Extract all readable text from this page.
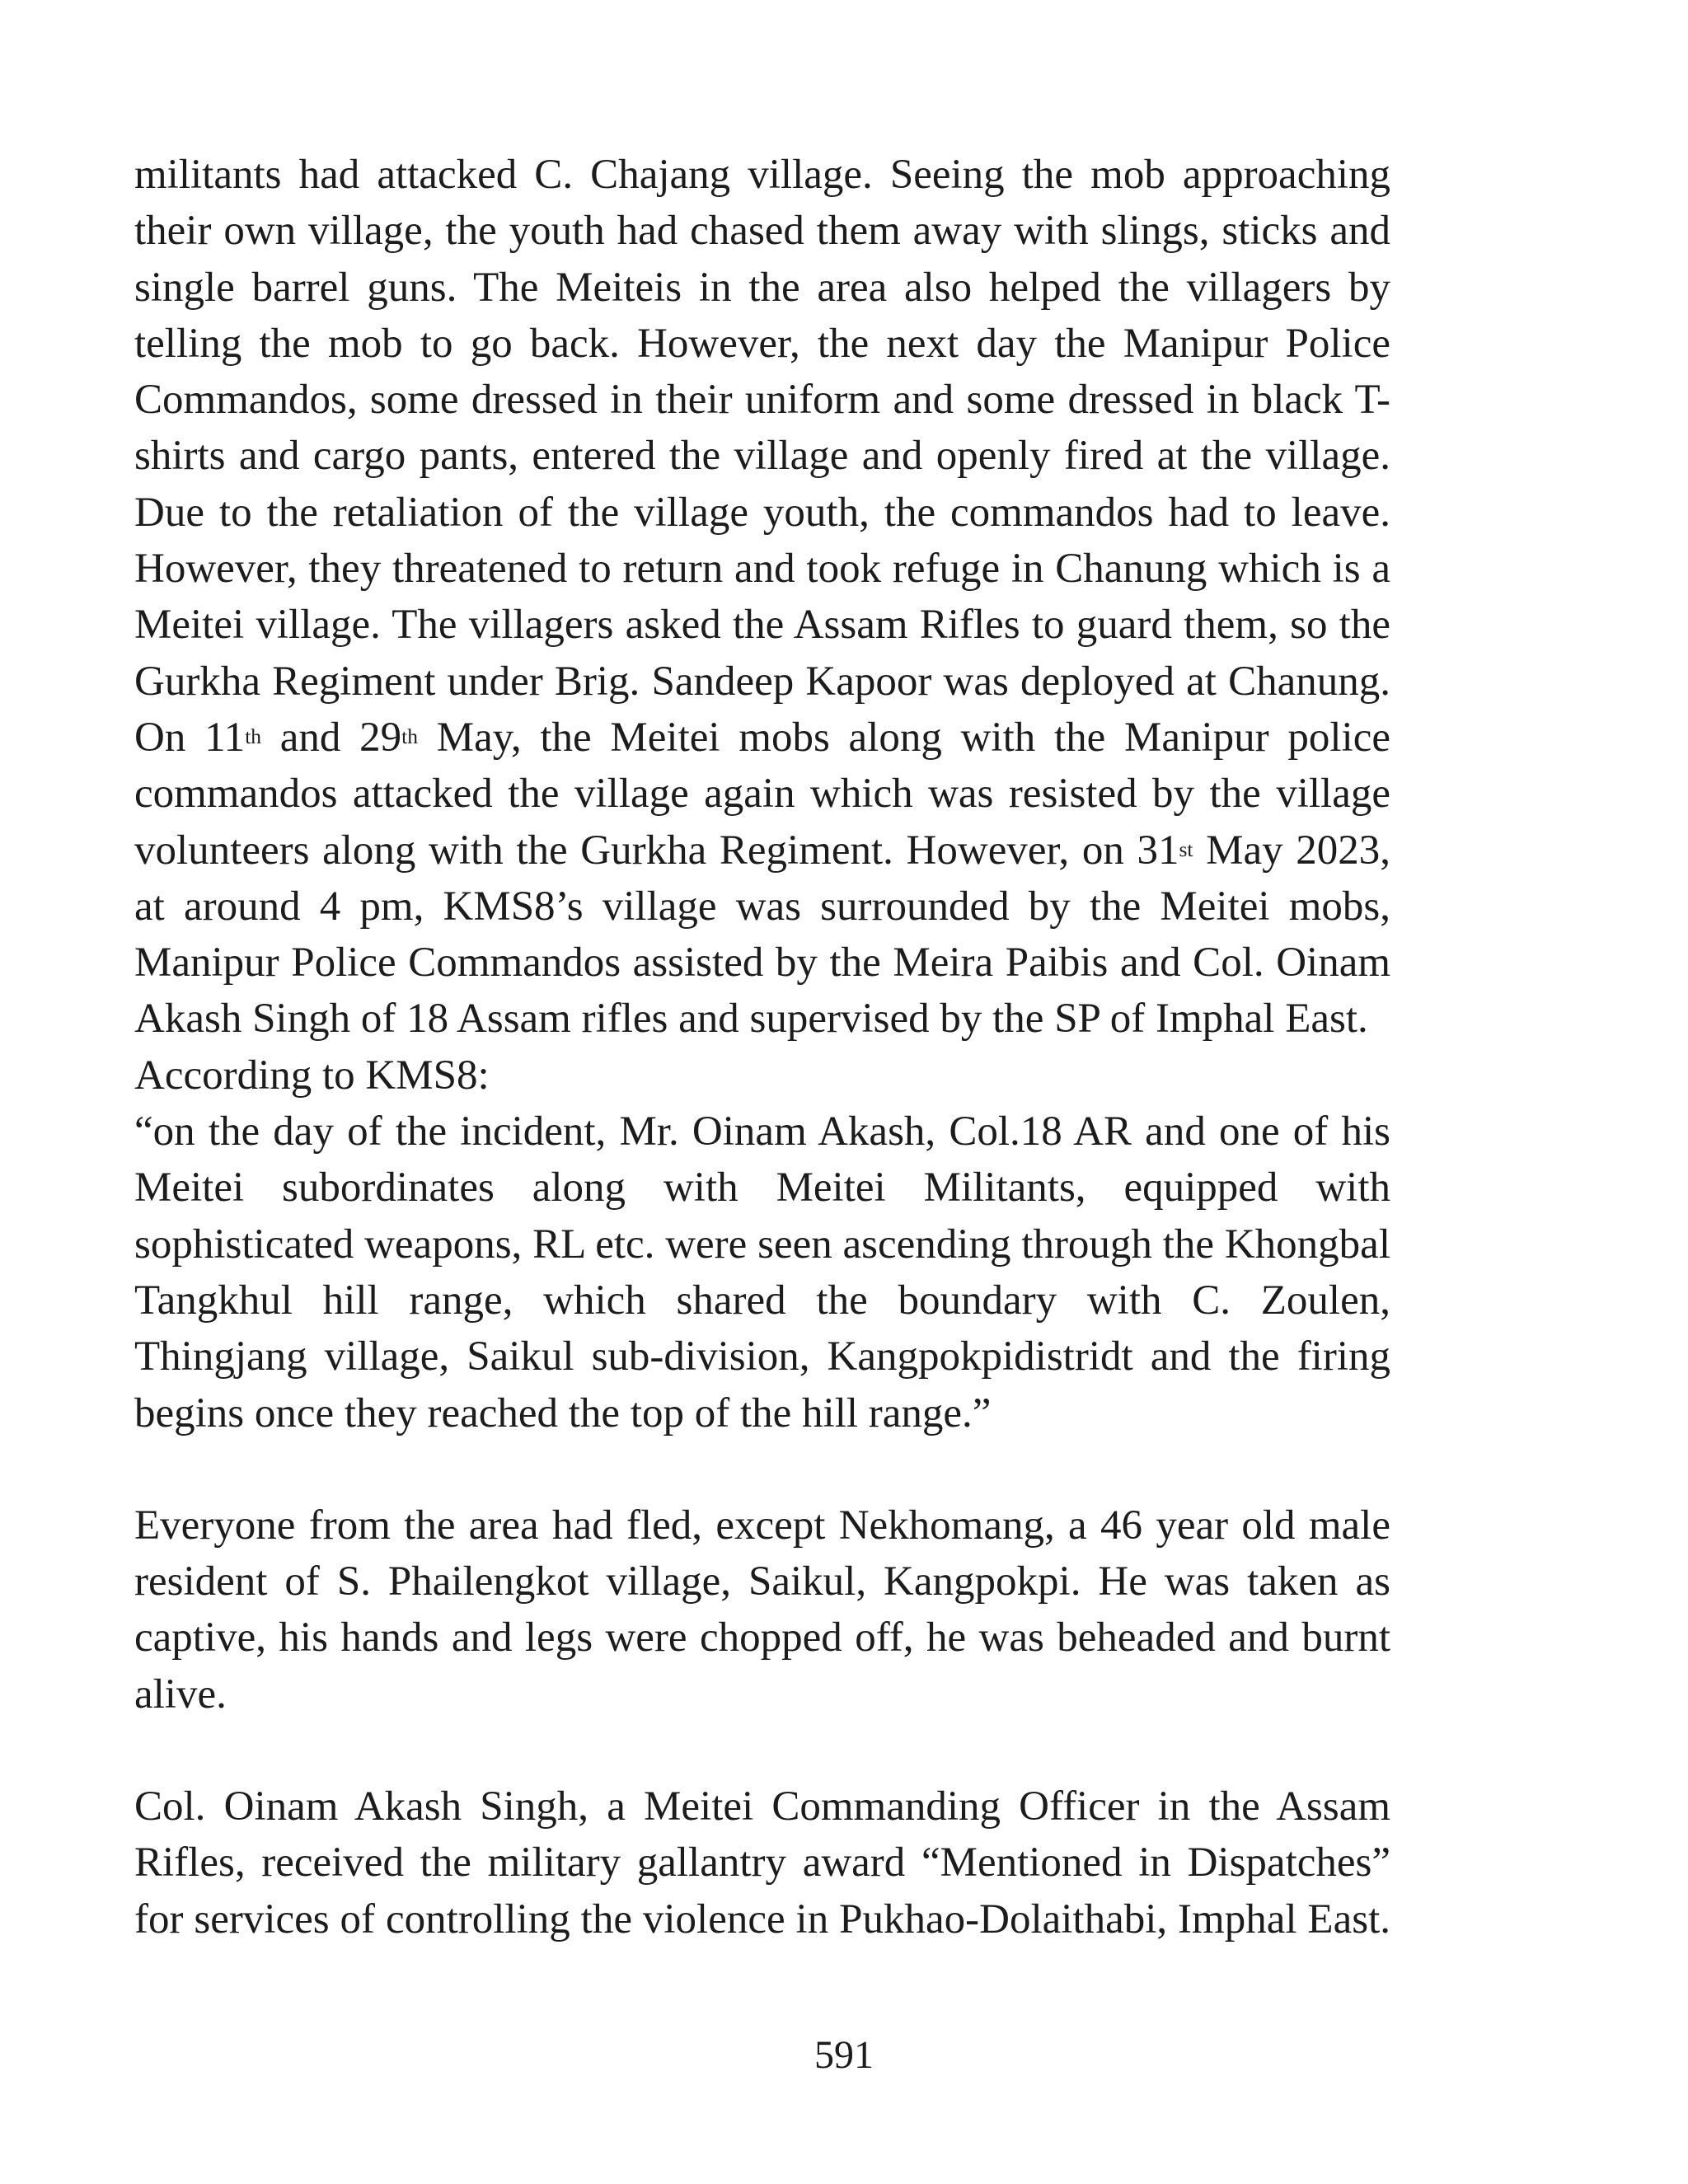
militants had attacked C. Chajang village. Seeing the mob approaching their own village, the youth had chased them away with slings, sticks and single barrel guns. The Meiteis in the area also helped the villagers by telling the mob to go back. However, the next day the Manipur Police Commandos, some dressed in their uniform and some dressed in black T-shirts and cargo pants, entered the village and openly fired at the village. Due to the retaliation of the village youth, the commandos had to leave. However, they threatened to return and took refuge in Chanung which is a Meitei village. The villagers asked the Assam Rifles to guard them, so the Gurkha Regiment under Brig. Sandeep Kapoor was deployed at Chanung. On 11th and 29th May, the Meitei mobs along with the Manipur police commandos attacked the village again which was resisted by the village volunteers along with the Gurkha Regiment. However, on 31st May 2023, at around 4 pm, KMS8’s village was surrounded by the Meitei mobs, Manipur Police Commandos assisted by the Meira Paibis and Col. Oinam Akash Singh of 18 Assam rifles and supervised by the SP of Imphal East.

According to KMS8:

“on the day of the incident, Mr. Oinam Akash, Col.18 AR and one of his Meitei subordinates along with Meitei Militants, equipped with sophisticated weapons, RL etc. were seen ascending through the Khongbal Tangkhul hill range, which shared the boundary with C. Zoulen, Thingjang village, Saikul sub-division, Kangpokpidistridt and the firing begins once they reached the top of the hill range.”

Everyone from the area had fled, except Nekhomang, a 46 year old male resident of S. Phailengkot village, Saikul, Kangpokpi. He was taken as captive, his hands and legs were chopped off, he was beheaded and burnt alive.

Col. Oinam Akash Singh, a Meitei Commanding Officer in the Assam Rifles, received the military gallantry award “Mentioned in Dispatches” for services of controlling the violence in Pukhao-Dolaithabi, Imphal East.

591
